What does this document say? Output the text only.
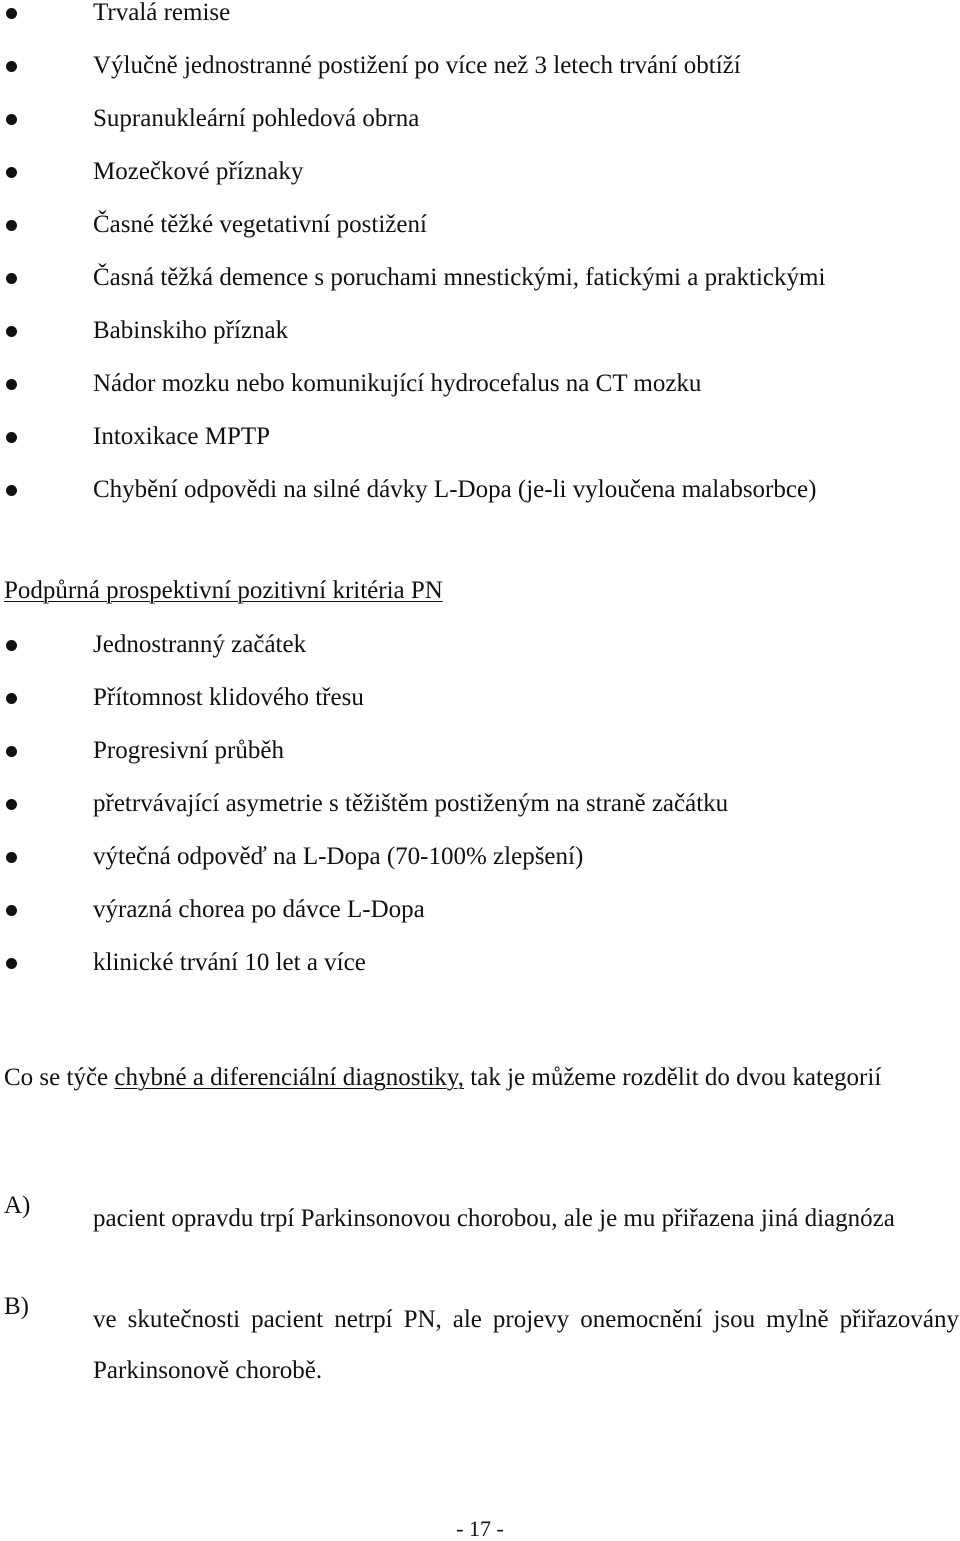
Trvalá remise
Výlučně jednostranné postižení po více než 3 letech trvání obtíží
Supranukleární pohledová obrna
Mozečkové příznaky
Časné těžké vegetativní postižení
Časná těžká demence s poruchami mnestickými, fatickými a praktickými
Babinskiho příznak
Nádor mozku nebo komunikující hydrocefalus na CT mozku
Intoxikace MPTP
Chybění odpovědi na silné dávky L-Dopa (je-li vyloučena malabsorbce)
Podpůrná prospektivní pozitivní kritéria PN
Jednostranný začátek
Přítomnost klidového třesu
Progresivní průběh
přetrvávající asymetrie s těžištěm postiženým na straně začátku
výtečná odpověď na L-Dopa (70-100% zlepšení)
výrazná chorea po dávce L-Dopa
klinické trvání 10 let a více

Co se týče chybné a diferenciální diagnostiky, tak je můžeme rozdělit do dvou kategorií

A)	pacient opravdu trpí Parkinsonovou chorobou, ale je mu přiřazena jiná diagnóza

B)	ve skutečnosti pacient netrpí PN, ale projevy onemocnění jsou mylně přiřazovány Parkinsonově chorobě.

- 17 -
